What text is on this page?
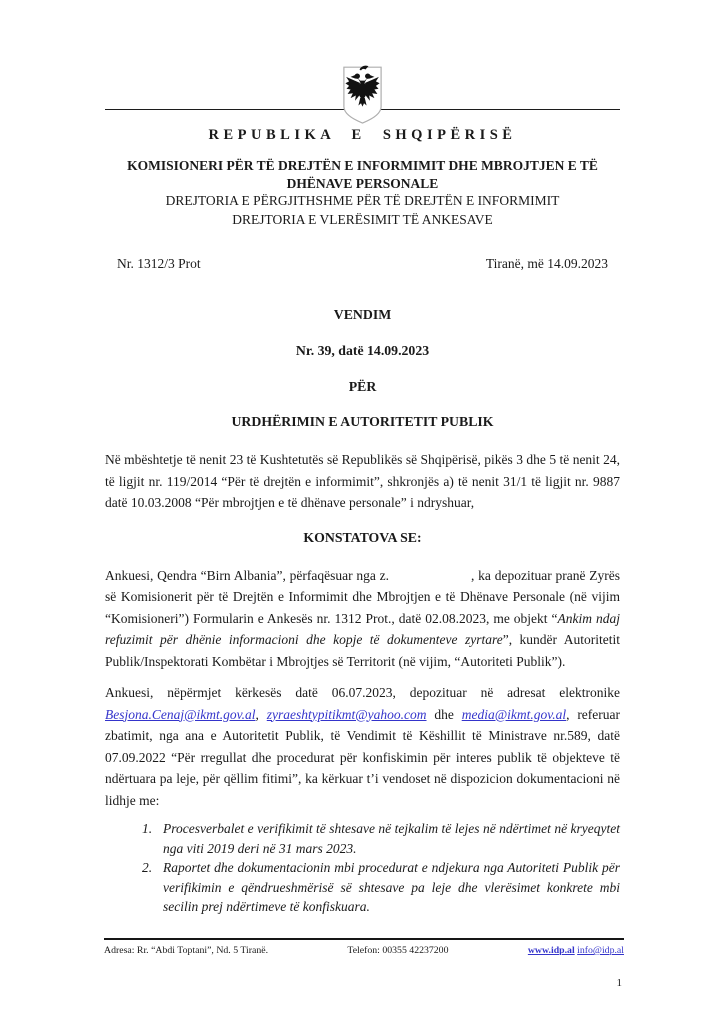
REPUBLIKA E SHQIPËRISË
KOMISIONERI PËR TË DREJTËN E INFORMIMIT DHE MBROJTJEN E TË DHËNAVE PERSONALE
DREJTORIA E PËRGJITHSHME PËR TË DREJTËN E INFORMIMIT
DREJTORIA E VLERËSIMIT TË ANKESAVE
Nr. 1312/3 Prot	Tiranë, më 14.09.2023
VENDIM
Nr. 39, datë 14.09.2023
PËR
URDHËRIMIN E AUTORITETIT PUBLIK

Në mbështetje të nenit 23 të Kushtetutës së Republikës së Shqipërisë, pikës 3 dhe 5 të nenit 24, të ligjit nr. 119/2014 “Për të drejtën e informimit”, shkronjës a) të nenit 31/1 të ligjit nr. 9887 datë 10.03.2008 “Për mbrojtjen e të dhënave personale” i ndryshuar,

KONSTATOVA SE:

Ankuesi, Qendra “Birn Albania”, përfaqësuar nga z.	, ka depozituar pranë Zyrës së Komisionerit për të Drejtën e Informimit dhe Mbrojtjen e të Dhënave Personale (në vijim “Komisioneri”) Formularin e Ankesës nr. 1312 Prot., datë 02.08.2023, me objekt “Ankim ndaj refuzimit për dhënie informacioni dhe kopje të dokumenteve zyrtare”, kundër Autoritetit Publik/Inspektorati Kombëtar i Mbrojtjes së Territorit (në vijim, “Autoriteti Publik”).

Ankuesi, nëpërmjet kërkesës datë 06.07.2023, depozituar në adresat elektronike Besjona.Cenaj@ikmt.gov.al, zyraeshtypitikmt@yahoo.com dhe media@ikmt.gov.al, referuar zbatimit, nga ana e Autoritetit Publik, të Vendimit të Këshillit të Ministrave nr.589, datë 07.09.2022 “Për rregullat dhe procedurat për konfiskimin për interes publik të objekteve të ndërtuara pa leje, për qëllim fitimi”, ka kërkuar t’i vendoset në dispozicion dokumentacioni në lidhje me:

1. Procesverbalet e verifikimit të shtesave në tejkalim të lejes në ndërtimet në kryeqytet nga viti 2019 deri në 31 mars 2023.
2. Raportet dhe dokumentacionin mbi procedurat e ndjekura nga Autoriteti Publik për verifikimin e qëndrueshmërisë së shtesave pa leje dhe vlerësimet konkrete mbi secilin prej ndërtimeve të konfiskuara.
Adresa: Rr. “Abdi Toptani”, Nd. 5 Tiranë.	Telefon: 00355 42237200	www.idp.al info@idp.al
1
